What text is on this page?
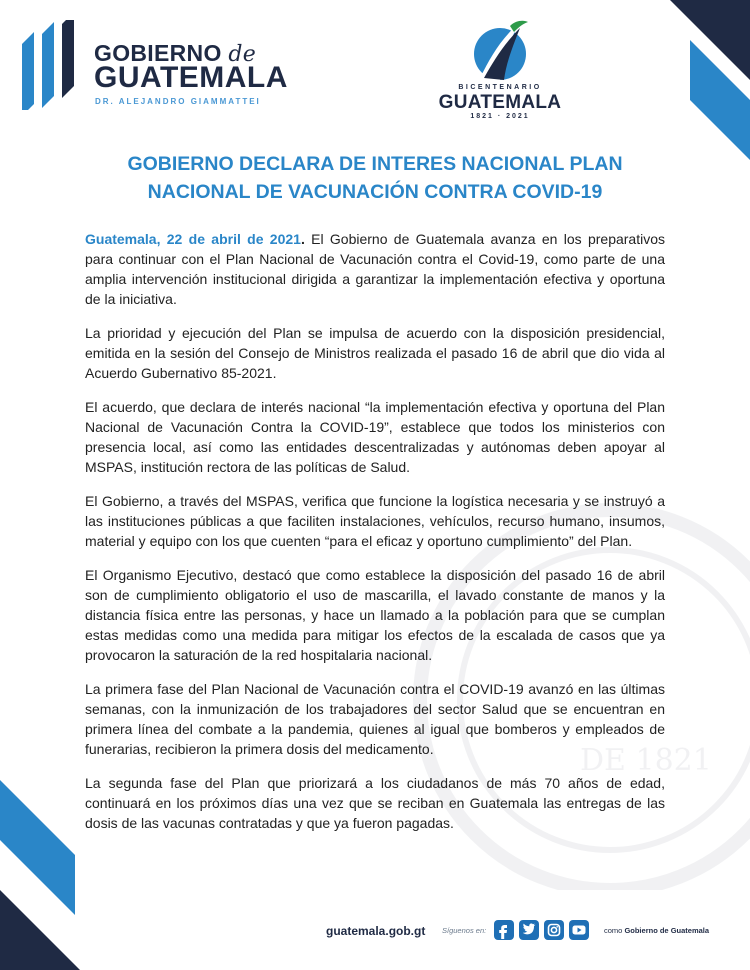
DE 1821
GOBIERNO de
GUATEMALA
DR. ALEJANDRO GIAMMATTEI
BICENTENARIO
GUATEMALA
1821 · 2021
GOBIERNO DECLARA DE INTERES NACIONAL PLAN
NACIONAL DE VACUNACIÓN CONTRA COVID-19

Guatemala, 22 de abril de 2021. El Gobierno de Guatemala avanza en los preparativos para continuar con el Plan Nacional de Vacunación contra el Covid-19, como parte de una amplia intervención institucional dirigida a garantizar la implementación efectiva y oportuna de la iniciativa.

La prioridad y ejecución del Plan se impulsa de acuerdo con la disposición presidencial, emitida en la sesión del Consejo de Ministros realizada el pasado 16 de abril que dio vida al Acuerdo Gubernativo 85-2021.

El acuerdo, que declara de interés nacional “la implementación efectiva y oportuna del Plan Nacional de Vacunación Contra la COVID-19”, establece que todos los ministerios con presencia local, así como las entidades descentralizadas y autónomas deben apoyar al MSPAS, institución rectora de las políticas de Salud.

El Gobierno, a través del MSPAS, verifica que funcione la logística necesaria y se instruyó a las instituciones públicas a que faciliten instalaciones, vehículos, recurso humano, insumos, material y equipo con los que cuenten “para el eficaz y oportuno cumplimiento” del Plan.

El Organismo Ejecutivo, destacó que como establece la disposición del pasado 16 de abril son de cumplimiento obligatorio el uso de mascarilla, el lavado constante de manos y la distancia física entre las personas, y hace un llamado a la población para que se cumplan estas medidas como una medida para mitigar los efectos de la escalada de casos que ya provocaron la saturación de la red hospitalaria nacional.

La primera fase del Plan Nacional de Vacunación contra el COVID-19 avanzó en las últimas semanas, con la inmunización de los trabajadores del sector Salud que se encuentran en primera línea del combate a la pandemia, quienes al igual que bomberos y empleados de funerarias, recibieron la primera dosis del medicamento.

La segunda fase del Plan que priorizará a los ciudadanos de más 70 años de edad, continuará en los próximos días una vez que se reciban en Guatemala las entregas de las dosis de las vacunas contratadas y que ya fueron pagadas.

guatemala.gob.gt Síguenos en:	como Gobierno de Guatemala
